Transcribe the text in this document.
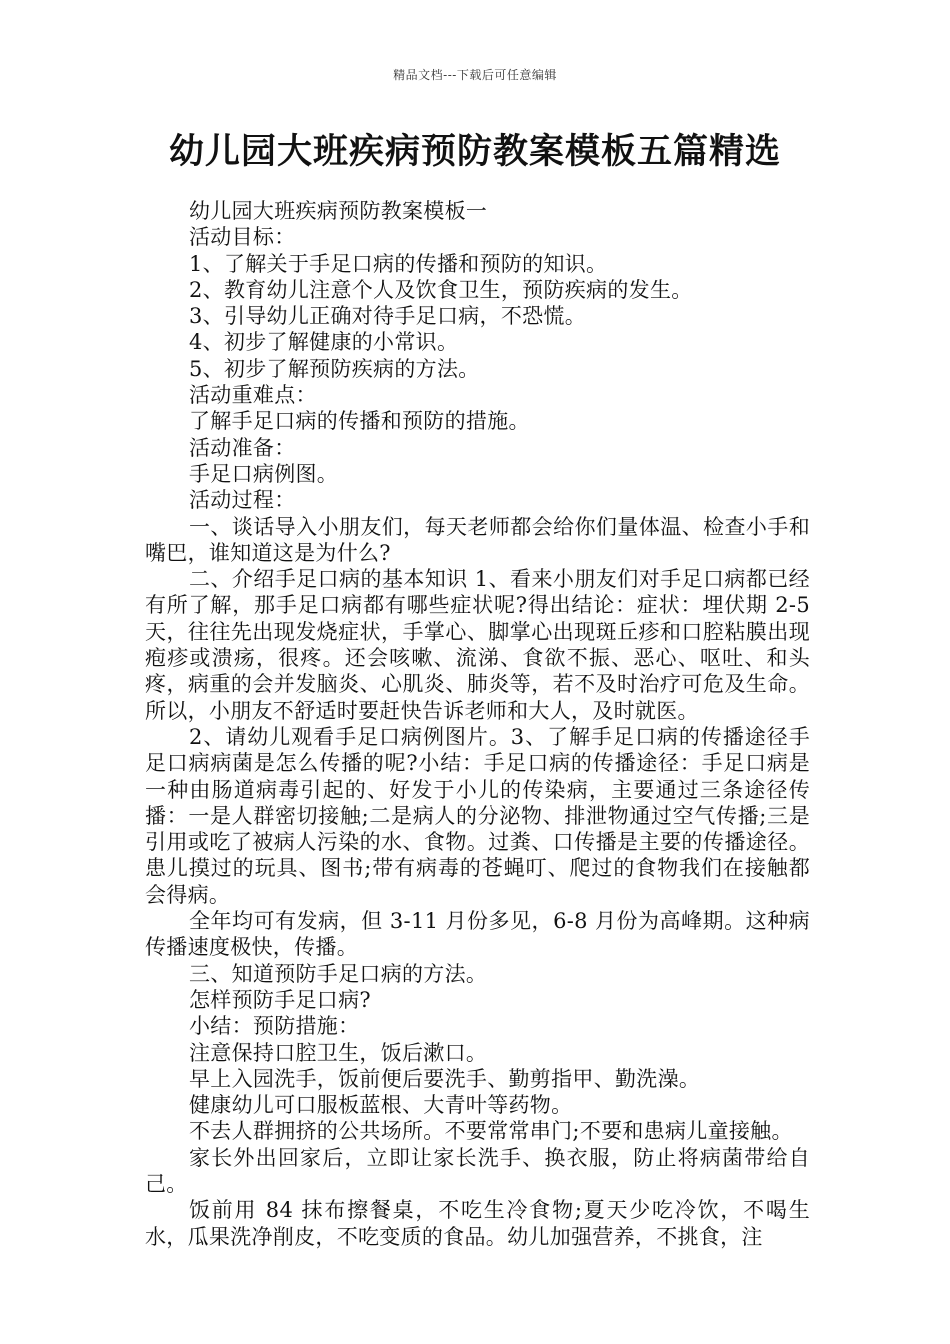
精品文档---下载后可任意编辑
幼儿园大班疾病预防教案模板五篇精选

幼儿园大班疾病预防教案模板一

活动目标：

1、了解关于手足口病的传播和预防的知识。

2、教育幼儿注意个人及饮食卫生，预防疾病的发生。

3、引导幼儿正确对待手足口病，不恐慌。

4、初步了解健康的小常识。

5、初步了解预防疾病的方法。

活动重难点：

了解手足口病的传播和预防的措施。

活动准备：

手足口病例图。

活动过程：

一、谈话导入小朋友们，每天老师都会给你们量体温、检查小手和嘴巴，谁知道这是为什么?

二、介绍手足口病的基本知识 1、看来小朋友们对手足口病都已经有所了解，那手足口病都有哪些症状呢?得出结论：症状：埋伏期 2-5 天，往往先出现发烧症状，手掌心、脚掌心出现斑丘疹和口腔粘膜出现疱疹或溃疡，很疼。还会咳嗽、流涕、食欲不振、恶心、呕吐、和头疼，病重的会并发脑炎、心肌炎、肺炎等，若不及时治疗可危及生命。所以，小朋友不舒适时要赶快告诉老师和大人，及时就医。

2、请幼儿观看手足口病例图片。3、了解手足口病的传播途径手足口病病菌是怎么传播的呢?小结：手足口病的传播途径：手足口病是一种由肠道病毒引起的、好发于小儿的传染病，主要通过三条途径传播：一是人群密切接触;二是病人的分泌物、排泄物通过空气传播;三是引用或吃了被病人污染的水、食物。过粪、口传播是主要的传播途径。患儿摸过的玩具、图书;带有病毒的苍蝇叮、爬过的食物我们在接触都会得病。

全年均可有发病，但 3-11 月份多见，6-8 月份为高峰期。这种病传播速度极快，传播。

三、知道预防手足口病的方法。

怎样预防手足口病?

小结：预防措施：

注意保持口腔卫生，饭后漱口。

早上入园洗手，饭前便后要洗手、勤剪指甲、勤洗澡。

健康幼儿可口服板蓝根、大青叶等药物。

不去人群拥挤的公共场所。不要常常串门;不要和患病儿童接触。

家长外出回家后，立即让家长洗手、换衣服，防止将病菌带给自己。

饭前用 84 抹布擦餐桌，不吃生冷食物;夏天少吃冷饮，不喝生水，瓜果洗净削皮，不吃变质的食品。幼儿加强营养，不挑食，注
